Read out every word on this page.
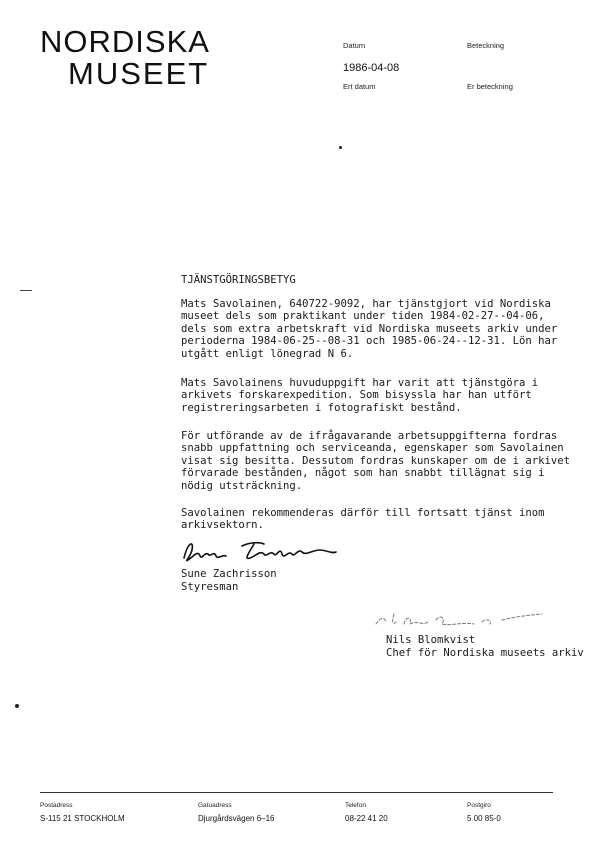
NORDISKA
MUSEET
Datum
1986-04-08
Beteckning
Ert datum	Er beteckning
TJÄNSTGÖRINGSBETYG
Mats Savolainen, 640722-9092, har tjänstgjort vid Nordiska
museet dels som praktikant under tiden 1984-02-27--04-06,
dels som extra arbetskraft vid Nordiska museets arkiv under
perioderna 1984-06-25--08-31 och 1985-06-24--12-31. Lön har
utgått enligt lönegrad N 6.
Mats Savolainens huvuduppgift har varit att tjänstgöra i
arkivets forskarexpedition. Som bisyssla har han utfört
registreringsarbeten i fotografiskt bestånd.
För utförande av de ifrågavarande arbetsuppgifterna fordras
snabb uppfattning och serviceanda, egenskaper som Savolainen
visat sig besitta. Dessutom fordras kunskaper om de i arkivet
förvarade bestånden, något som han snabbt tillägnat sig i
nödig utsträckning.
Savolainen rekommenderas därför till fortsatt tjänst inom
arkivsektorn.
Sune Zachrisson
Styresman
Nils Blomkvist
Chef för Nordiska museets arkiv
Postadress
S-115 21 STOCKHOLM
Gatuadress
Djurgårdsvägen 6–16
Telefon
08-22 41 20
Postgiro
5 00 85-0
